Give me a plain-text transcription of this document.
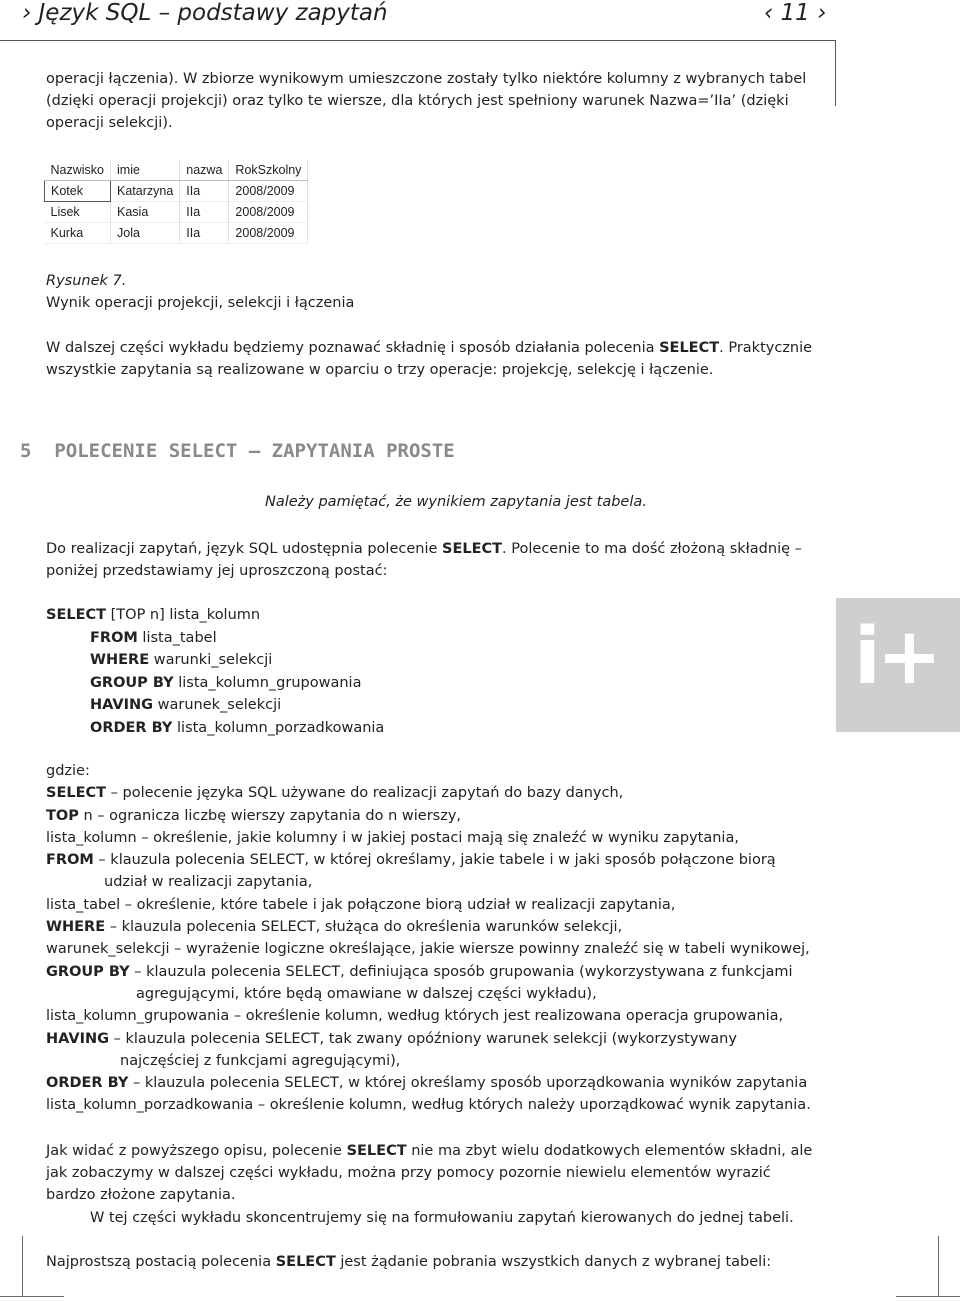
› Język SQL – podstawy zapytań	‹ 11 ›
operacji łączenia). W zbiorze wynikowym umieszczone zostały tylko niektóre kolumny z wybranych tabel (dzięki operacji projekcji) oraz tylko te wiersze, dla których jest spełniony warunek Nazwa=’IIa’ (dzięki operacji selekcji).
Nazwisko	imie	nazwa	RokSzkolny
Kotek	Katarzyna	IIa	2008/2009
Lisek	Kasia	IIa	2008/2009
Kurka	Jola	IIa	2008/2009
Rysunek 7.
Wynik operacji projekcji, selekcji i łączenia
W dalszej części wykładu będziemy poznawać składnię i sposób działania polecenia SELECT. Praktycznie wszystkie zapytania są realizowane w oparciu o trzy operacje: projekcję, selekcję i łączenie.
5 POLECENIE SELECT – ZAPYTANIA PROSTE
Należy pamiętać, że wynikiem zapytania jest tabela.
Do realizacji zapytań, język SQL udostępnia polecenie SELECT. Polecenie to ma dość złożoną składnię – poniżej przedstawiamy jej uproszczoną postać:
SELECT [TOP n] lista_kolumn
FROM lista_tabel
WHERE warunki_selekcji
GROUP BY lista_kolumn_grupowania
HAVING warunek_selekcji
ORDER BY lista_kolumn_porzadkowania
i+
gdzie:
SELECT – polecenie języka SQL używane do realizacji zapytań do bazy danych,
TOP n – ogranicza liczbę wierszy zapytania do n wierszy,
lista_kolumn – określenie, jakie kolumny i w jakiej postaci mają się znaleźć w wyniku zapytania,
FROM – klauzula polecenia SELECT, w której określamy, jakie tabele i w jaki sposób połączone biorą udział w realizacji zapytania,
lista_tabel – określenie, które tabele i jak połączone biorą udział w realizacji zapytania,
WHERE – klauzula polecenia SELECT, służąca do określenia warunków selekcji,
warunek_selekcji – wyrażenie logiczne określające, jakie wiersze powinny znaleźć się w tabeli wynikowej,
GROUP BY – klauzula polecenia SELECT, definiująca sposób grupowania (wykorzystywana z funkcjami agregującymi, które będą omawiane w dalszej części wykładu),
lista_kolumn_grupowania – określenie kolumn, według których jest realizowana operacja grupowania,
HAVING – klauzula polecenia SELECT, tak zwany opóźniony warunek selekcji (wykorzystywany najczęściej z funkcjami agregującymi),
ORDER BY – klauzula polecenia SELECT, w której określamy sposób uporządkowania wyników zapytania
lista_kolumn_porzadkowania – określenie kolumn, według których należy uporządkować wynik zapytania.
Jak widać z powyższego opisu, polecenie SELECT nie ma zbyt wielu dodatkowych elementów składni, ale jak zobaczymy w dalszej części wykładu, można przy pomocy pozornie niewielu elementów wyrazić bardzo złożone zapytania.
W tej części wykładu skoncentrujemy się na formułowaniu zapytań kierowanych do jednej tabeli.
Najprostszą postacią polecenia SELECT jest żądanie pobrania wszystkich danych z wybranej tabeli:
